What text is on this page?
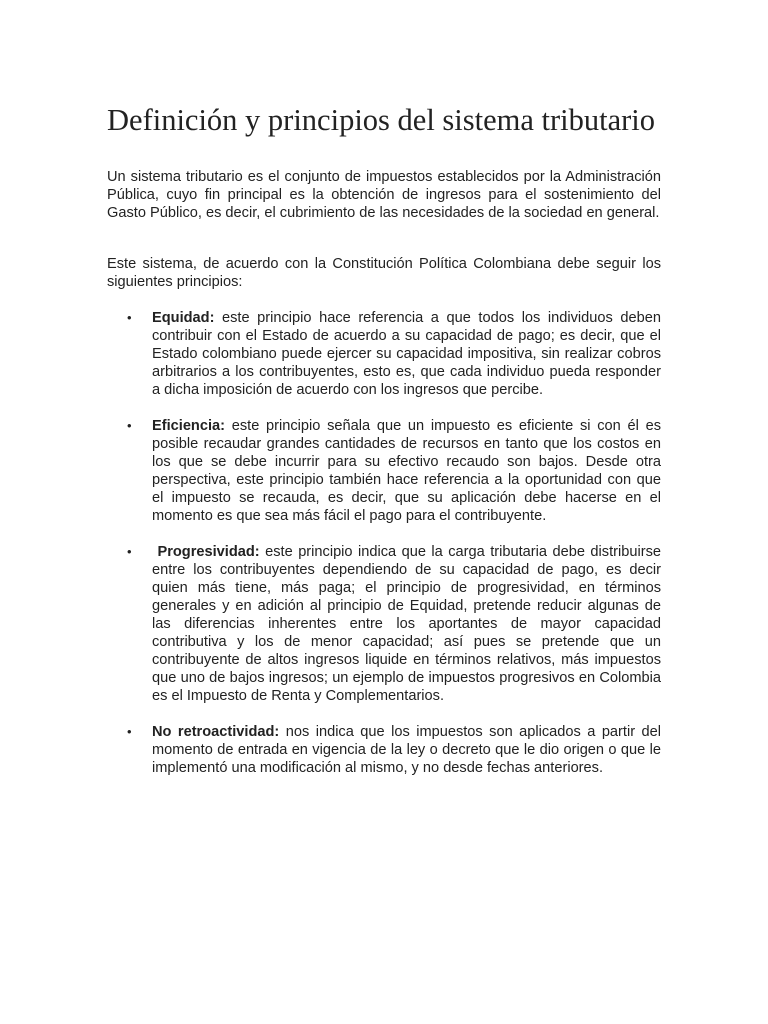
Definición y principios del sistema tributario

Un sistema tributario es el conjunto de impuestos establecidos por la Administración Pública, cuyo fin principal es la obtención de ingresos para el sostenimiento del Gasto Público, es decir, el cubrimiento de las necesidades de la sociedad en general.

Este sistema, de acuerdo con la Constitución Política Colombiana debe seguir los siguientes principios:

• Equidad: este principio hace referencia a que todos los individuos deben contribuir con el Estado de acuerdo a su capacidad de pago; es decir, que el Estado colombiano puede ejercer su capacidad impositiva, sin realizar cobros arbitrarios a los contribuyentes, esto es, que cada individuo pueda responder a dicha imposición de acuerdo con los ingresos que percibe.
• Eficiencia: este principio señala que un impuesto es eficiente si con él es posible recaudar grandes cantidades de recursos en tanto que los costos en los que se debe incurrir para su efectivo recaudo son bajos. Desde otra perspectiva, este principio también hace referencia a la oportunidad con que el impuesto se recauda, es decir, que su aplicación debe hacerse en el momento es que sea más fácil el pago para el contribuyente.
• Progresividad: este principio indica que la carga tributaria debe distribuirse entre los contribuyentes dependiendo de su capacidad de pago, es decir quien más tiene, más paga; el principio de progresividad, en términos generales y en adición al principio de Equidad, pretende reducir algunas de las diferencias inherentes entre los aportantes de mayor capacidad contributiva y los de menor capacidad; así pues se pretende que un contribuyente de altos ingresos liquide en términos relativos, más impuestos que uno de bajos ingresos; un ejemplo de impuestos progresivos en Colombia es el Impuesto de Renta y Complementarios.
• No retroactividad: nos indica que los impuestos son aplicados a partir del momento de entrada en vigencia de la ley o decreto que le dio origen o que le implementó una modificación al mismo, y no desde fechas anteriores.
